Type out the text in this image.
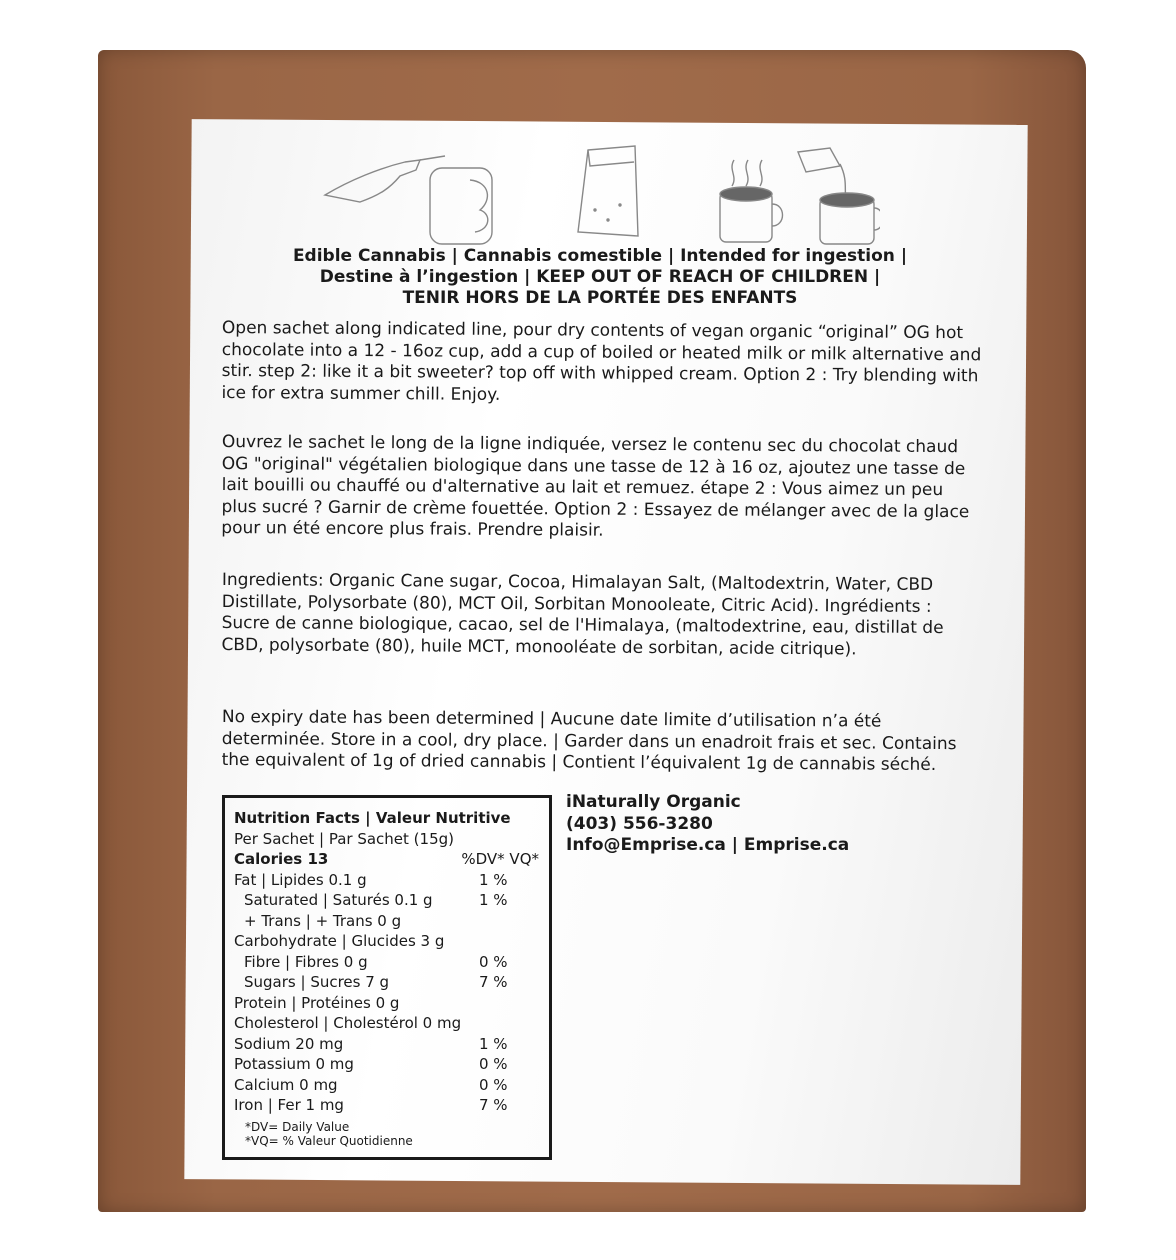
Edible Cannabis | Cannabis comestible | Intended for ingestion |
Destine à l’ingestion | KEEP OUT OF REACH OF CHILDREN |
TENIR HORS DE LA PORTÉE DES ENFANTS
Open sachet along indicated line, pour dry contents of vegan organic “original” OG hot chocolate into a 12 - 16oz cup, add a cup of boiled or heated milk or milk alternative and stir. step 2: like it a bit sweeter? top off with whipped cream. Option 2 : Try blending with ice for extra summer chill. Enjoy.
Ouvrez le sachet le long de la ligne indiquée, versez le contenu sec du chocolat chaud OG "original" végétalien biologique dans une tasse de 12 à 16 oz, ajoutez une tasse de lait bouilli ou chauffé ou d'alternative au lait et remuez. étape 2 : Vous aimez un peu plus sucré ? Garnir de crème fouettée. Option 2 : Essayez de mélanger avec de la glace pour un été encore plus frais. Prendre plaisir.
Ingredients: Organic Cane sugar, Cocoa, Himalayan Salt, (Maltodextrin, Water, CBD Distillate, Polysorbate (80), MCT Oil, Sorbitan Monooleate, Citric Acid). Ingrédients : Sucre de canne biologique, cacao, sel de l'Himalaya, (maltodextrine, eau, distillat de CBD, polysorbate (80), huile MCT, monooléate de sorbitan, acide citrique).
No expiry date has been determined | Aucune date limite d’utilisation n’a été determinée. Store in a cool, dry place. | Garder dans un enadroit frais et sec. Contains the equivalent of 1g of dried cannabis | Contient l’équivalent 1g de cannabis séché.
Nutrition Facts | Valeur Nutritive
Per Sachet | Par Sachet (15g)
Calories 13	%DV* VQ*
Fat | Lipides 0.1 g	1 %
Saturated | Saturés 0.1 g	1 %
+ Trans | + Trans 0 g
Carbohydrate | Glucides 3 g
Fibre | Fibres 0 g	0 %
Sugars | Sucres 7 g	7 %
Protein | Protéines 0 g
Cholesterol | Cholestérol 0 mg
Sodium 20 mg	1 %
Potassium 0 mg	0 %
Calcium 0 mg	0 %
Iron | Fer 1 mg	7 %
*DV= Daily Value
*VQ= % Valeur Quotidienne
iNaturally Organic
(403) 556-3280
Info@Emprise.ca | Emprise.ca
